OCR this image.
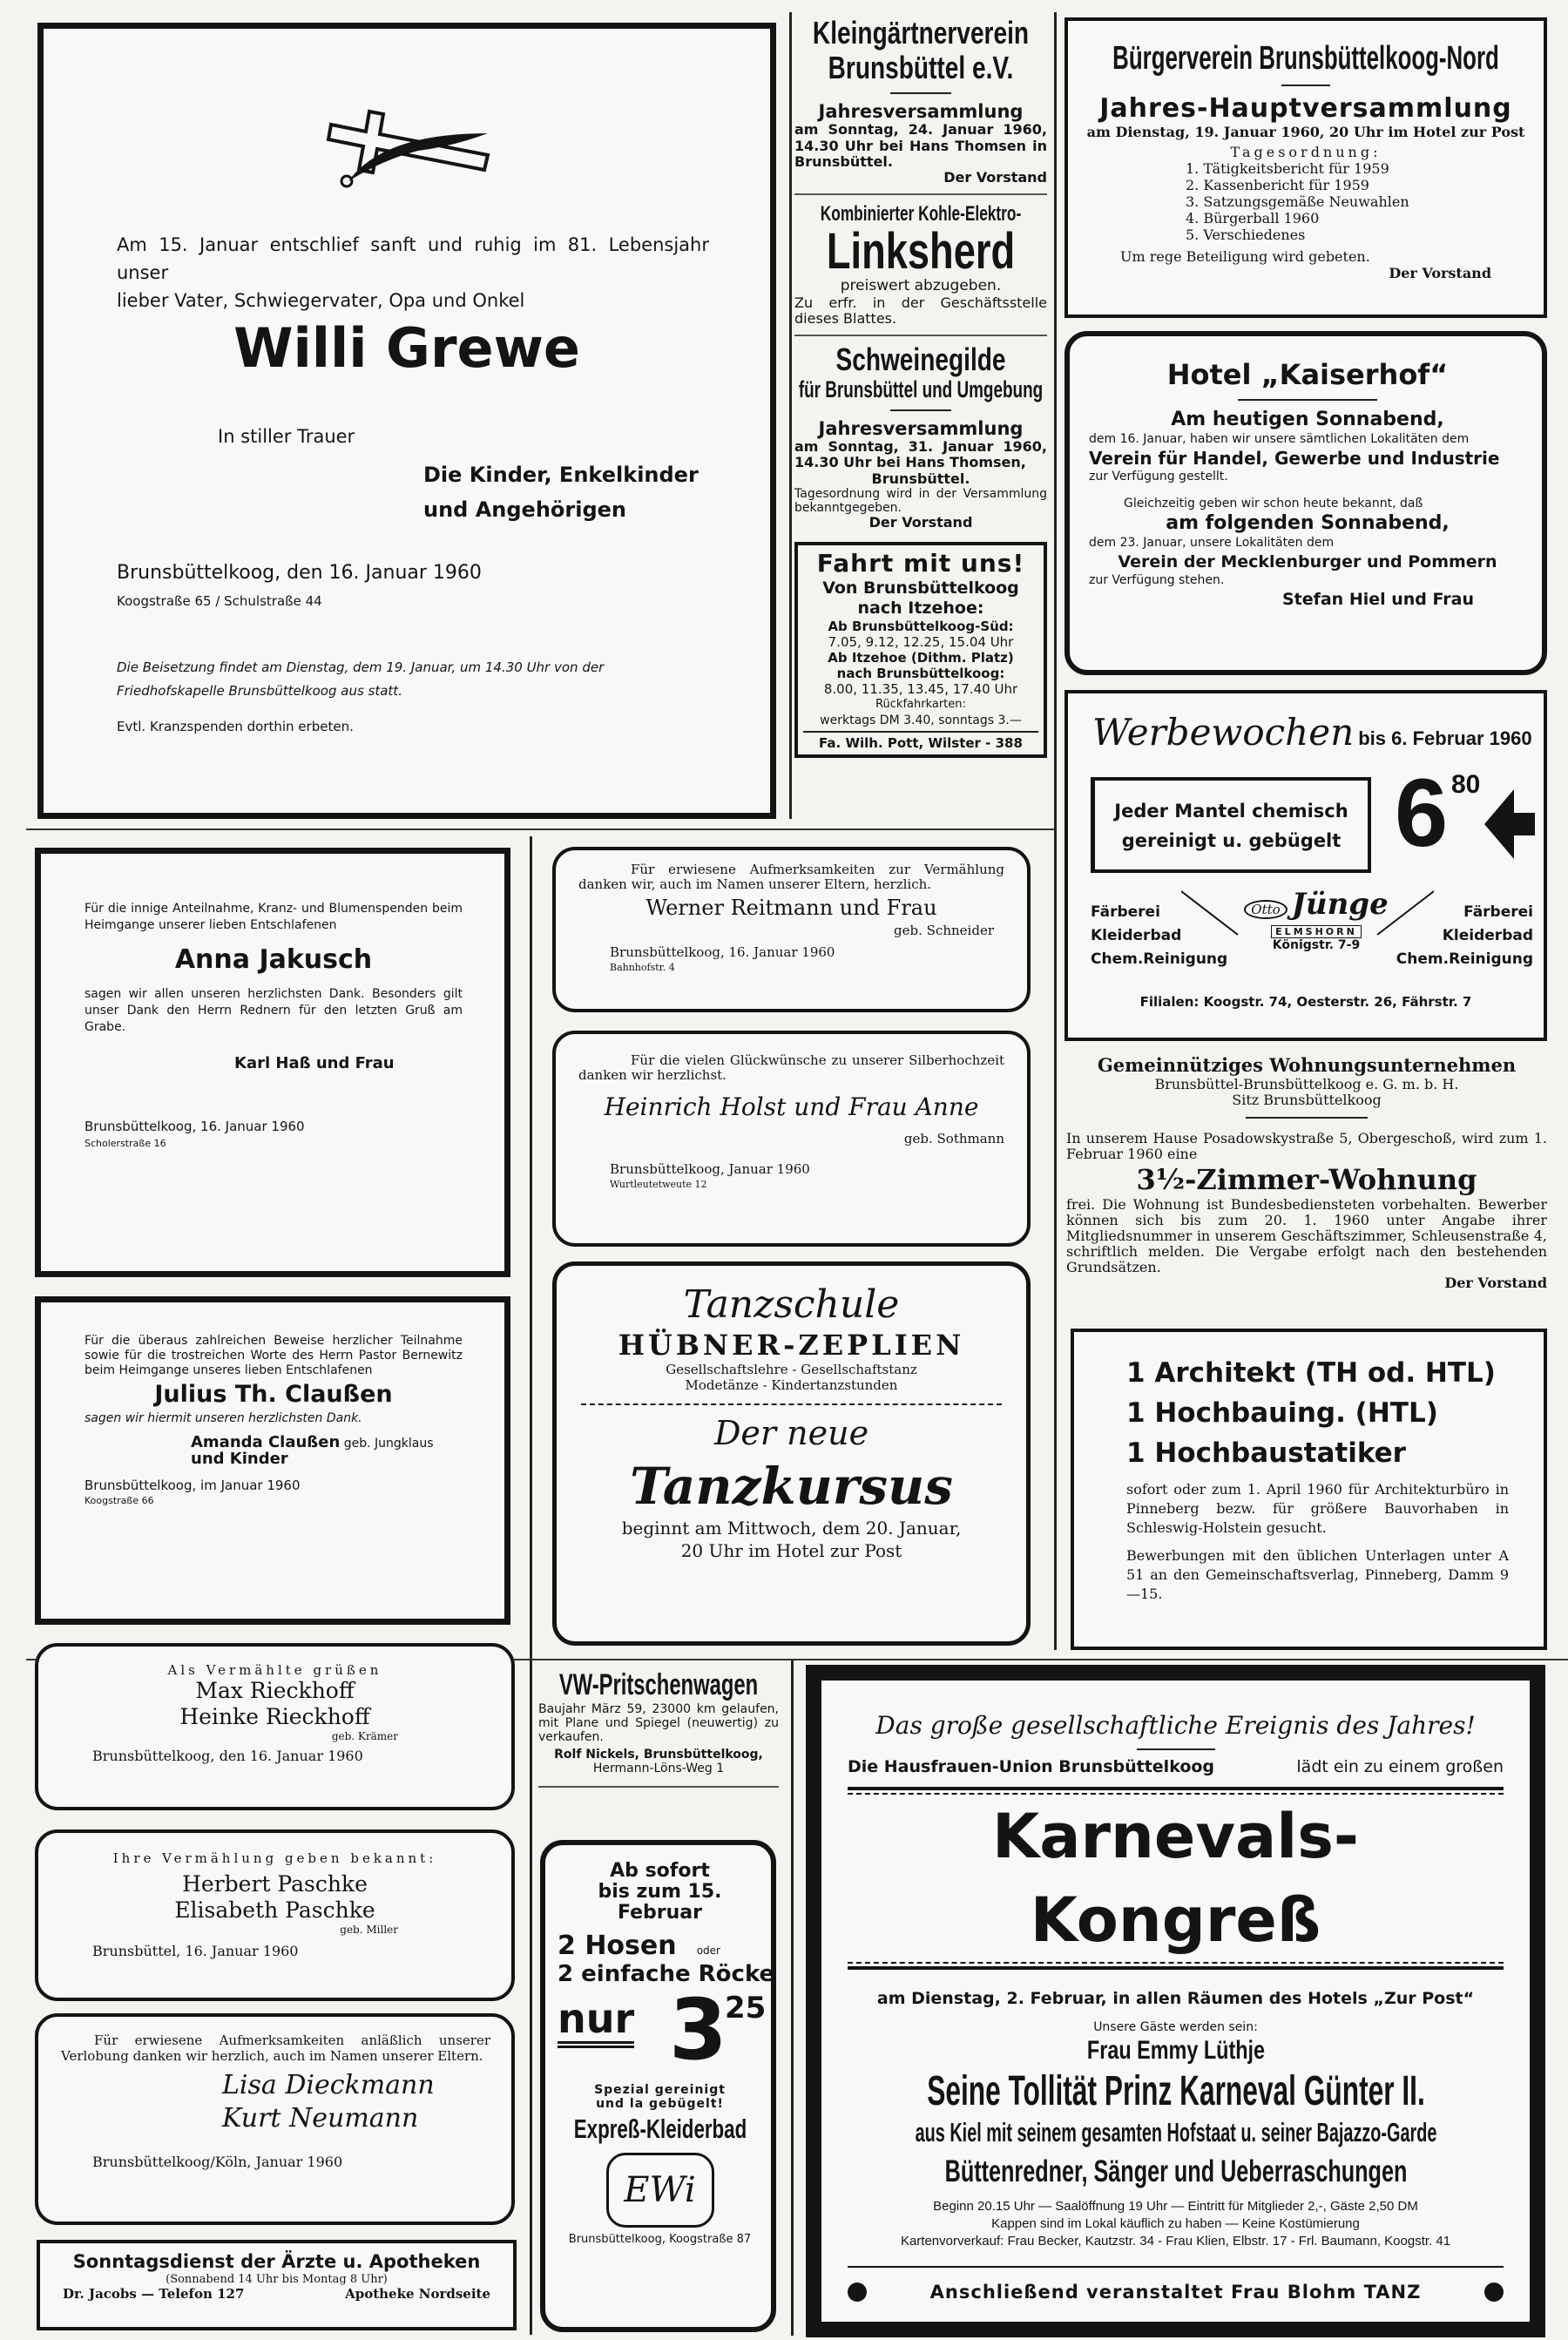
Am 15. Januar entschlief sanft und ruhig im 81. Lebensjahr unser

lieber Vater, Schwiegervater, Opa und Onkel

Willi Grewe
In stiller Trauer

Die Kinder, Enkelkinder

und Angehörigen

Brunsbüttelkoog, den 16. Januar 1960
Koogstraße 65 / Schulstraße 44

Die Beisetzung findet am Dienstag, dem 19. Januar, um 14.30 Uhr von der

Friedhofskapelle Brunsbüttelkoog aus statt.

Evtl. Kranzspenden dorthin erbeten.

Kleingärtnerverein
Brunsbüttel e.V.

Jahresversammlung

am Sonntag, 24. Januar 1960, 14.30 Uhr bei Hans Thomsen in Brunsbüttel.

Der Vorstand

Kombinierter Kohle-Elektro-
Linksherd

preiswert abzugeben.

Zu erfr. in der Geschäftsstelle dieses Blattes.

Schweinegilde
für Brunsbüttel und Umgebung

Jahresversammlung

am Sonntag, 31. Januar 1960, 14.30 Uhr bei Hans Thomsen,

Brunsbüttel.

Tagesordnung wird in der Versammlung bekanntgegeben.

Der Vorstand

Fahrt mit uns!

Von Brunsbüttelkoog

nach Itzehoe:

Ab Brunsbüttelkoog-Süd:

7.05, 9.12, 12.25, 15.04 Uhr

Ab Itzehoe (Dithm. Platz)

nach Brunsbüttelkoog:

8.00, 11.35, 13.45, 17.40 Uhr

Rückfahrkarten:

werktags DM 3.40, sonntags 3.—

Fa. Wilh. Pott, Wilster - 388

Bürgerverein Brunsbüttelkoog-Nord

Jahres-Hauptversammlung

am Dienstag, 19. Januar 1960, 20 Uhr im Hotel zur Post

Tagesordnung:

1. Tätigkeitsbericht für 1959

2. Kassenbericht für 1959

3. Satzungsgemäße Neuwahlen

4. Bürgerball 1960

5. Verschiedenes

Um rege Beteiligung wird gebeten.

Der Vorstand

Hotel „Kaiserhof“

Am heutigen Sonnabend,

dem 16. Januar, haben wir unsere sämtlichen Lokalitäten dem

Verein für Handel, Gewerbe und Industrie

zur Verfügung gestellt.

Gleichzeitig geben wir schon heute bekannt, daß

am folgenden Sonnabend,

dem 23. Januar, unsere Lokalitäten dem

Verein der Mecklenburger und Pommern

zur Verfügung stehen.

Stefan Hiel und Frau

Werbewochen bis 6. Februar 1960

Jeder Mantel chemisch

gereinigt u. gebügelt 6 80

Färberei

Kleiderbad

Chem.Reinigung

Färberei

Kleiderbad

Chem.Reinigung

Otto Jünge

ELMSHORN

Königstr. 7-9

Filialen: Koogstr. 74, Oesterstr. 26, Fährstr. 7

Gemeinnütziges Wohnungsunternehmen

Brunsbüttel-Brunsbüttelkoog e. G. m. b. H.

Sitz Brunsbüttelkoog

In unserem Hause Posadowskystraße 5, Obergeschoß, wird zum 1. Februar 1960 eine

3½-Zimmer-Wohnung

frei. Die Wohnung ist Bundesbediensteten vorbehalten. Bewerber können sich bis zum 20. 1. 1960 unter Angabe ihrer Mitgliedsnummer in unserem Geschäftszimmer, Schleusenstraße 4, schriftlich melden. Die Vergabe erfolgt nach den bestehenden Grundsätzen.

Der Vorstand

1 Architekt (TH od. HTL)

1 Hochbauing. (HTL)

1 Hochbaustatiker

sofort oder zum 1. April 1960 für Architekturbüro in Pinneberg bezw. für größere Bauvorhaben in Schleswig-Holstein gesucht.

Bewerbungen mit den üblichen Unterlagen unter A 51 an den Gemeinschaftsverlag, Pinneberg, Damm 9—15.

Für die innige Anteilnahme, Kranz- und Blumenspenden beim Heimgange unserer lieben Entschlafenen

Anna Jakusch

sagen wir allen unseren herzlichsten Dank. Besonders gilt unser Dank den Herrn Rednern für den letzten Gruß am Grabe.

Karl Haß und Frau

Brunsbüttelkoog, 16. Januar 1960

Scholerstraße 16

Für die überaus zahlreichen Beweise herzlicher Teilnahme sowie für die trostreichen Worte des Herrn Pastor Bernewitz beim Heimgange unseres lieben Entschlafenen

Julius Th. Claußen

sagen wir hiermit unseren herzlichsten Dank.

Amanda Claußen geb. Jungklaus

und Kinder

Brunsbüttelkoog, im Januar 1960

Koogstraße 66

Für erwiesene Aufmerksamkeiten zur Vermählung danken wir, auch im Namen unserer Eltern, herzlich.

Werner Reitmann und Frau

geb. Schneider

Brunsbüttelkoog, 16. Januar 1960

Bahnhofstr. 4

Für die vielen Glückwünsche zu unserer Silberhochzeit danken wir herzlichst.

Heinrich Holst und Frau Anne

geb. Sothmann

Brunsbüttelkoog, Januar 1960

Wurtleutetweute 12

Tanzschule

HÜBNER-ZEPLIEN

Gesellschaftslehre - Gesellschaftstanz

Modetänze - Kindertanzstunden

Der neue

Tanzkursus

beginnt am Mittwoch, dem 20. Januar,

20 Uhr im Hotel zur Post

Als Vermählte grüßen

Max Rieckhoff

Heinke Rieckhoff

geb. Krämer

Brunsbüttelkoog, den 16. Januar 1960

Ihre Vermählung geben bekannt:

Herbert Paschke

Elisabeth Paschke

geb. Miller

Brunsbüttel, 16. Januar 1960

Für erwiesene Aufmerksamkeiten anläßlich unserer Verlobung danken wir herzlich, auch im Namen unserer Eltern.

Lisa Dieckmann

Kurt Neumann

Brunsbüttelkoog/Köln, Januar 1960

Sonntagsdienst der Ärzte u. Apotheken

(Sonnabend 14 Uhr bis Montag 8 Uhr)

Dr. Jacobs — Telefon 127	Apotheke Nordseite
VW-Pritschenwagen

Baujahr März 59, 23000 km gelaufen, mit Plane und Spiegel (neuwertig) zu verkaufen.

Rolf Nickels, Brunsbüttelkoog,

Hermann-Löns-Weg 1

Ab sofort

bis zum 15. Februar

2 Hosen oder

2 einfache Röcke

nur 3
25

Spezial gereinigt

und la gebügelt!

Expreß-Kleiderbad
EWi

Brunsbüttelkoog, Koogstraße 87

Das große gesellschaftliche Ereignis des Jahres!

Die Hausfrauen-Union Brunsbüttelkoog	lädt ein zu einem großen

Karnevals-Kongreß

am Dienstag, 2. Februar, in allen Räumen des Hotels „Zur Post“

Unsere Gäste werden sein:

Frau Emmy Lüthje
Seine Tollität Prinz Karneval Günter II.
aus Kiel mit seinem gesamten Hofstaat u. seiner Bajazzo-Garde
Büttenredner, Sänger und Ueberraschungen

Beginn 20.15 Uhr — Saalöffnung 19 Uhr — Eintritt für Mitglieder 2,-, Gäste 2,50 DM

Kappen sind im Lokal käuflich zu haben — Keine Kostümierung

Kartenvorverkauf: Frau Becker, Kautzstr. 34 - Frau Klien, Elbstr. 17 - Frl. Baumann, Koogstr. 41

Anschließend veranstaltet Frau Blohm TANZ
